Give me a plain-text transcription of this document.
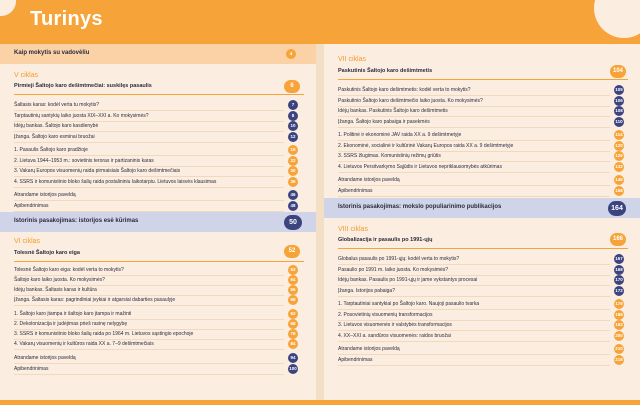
Turinys
Kaip mokytis su vadovėliu	4
V ciklas
Pirmieji Šaltojo karo dešimtmečiai: suskilęs pasaulis	6
Šaltasis karas: kodėl verta tu mokytis?	7
Tarptautinių santykių laiko juosta XIX–XXI a. Ko mokysimės?	8
Idėjų bankas. Šaltojo karo kasdienybė	10
Įžanga. Šaltojo karo esminai bruožai	12
1. Pasaulis Šaltojo karo pradžioje	16
2. Lietuva 1944–1953 m.: sovietinis teroras ir partizaninis karas	22
3. Vakarų Europos visuomenių raida pirmaisiais Šaltojo karo dešimtmečiais	30
4. SSRS ir komunistinio bloko šalių raida postalininiu laikotarpiu. Lietuvos laisvės klausimas	36
Atrandame istorijos paveldą	46
Apibendrinimas	48
Istorinis pasakojimas: istorijos esė kūrimas	50
VI ciklas
Tolesnė Šaltojo karo eiga	52
Tolesnė Šaltojo karo eiga: kodėl verta to mokytis?	53
Šaltojo karo laiko juosta. Ko mokysimės?	54
Idėjų bankas. Šaltasis karas ir kultūra	56
Įžanga. Šaltasis karas: pagrindiniai įvykiai ir atgarsiai dabarties pasaulyje	58
1. Šaltojo karo įtampa ir šaltojo karo įtampa ir mažinti	62
2. Dekolonizacija ir judėjimas prieš rasinę nelygybę	68
3. SSRS ir komunistinio bloko šalių raida po 1964 m. Lietuvos sąstingio epochoje	76
4. Vakarų visuomenių ir kultūros raida XX a. 7–9 dešimtmečiais	84
Atrandame istorijos paveldą	94
Apibendrinimas	100
VII ciklas
Paskutinis Šaltojo karo dešimtmetis	104
Paskutinis Šaltojo karo dešimtmetis: kodėl verta to mokytis?	105
Paskutinio Šaltojo karo dešimtmečio laiko juosta. Ko mokysimės?	106
Idėjų bankas. Paskutinis Šaltojo karo dešimtmetis	108
Įžanga. Šaltojo karo pabaiga ir pasekmės	110
1. Politinė ir ekonominė JAV raida XX a. 9 dešimtmetyje	114
2. Ekonominė, socialinė ir kultūrinė Vakarų Europos raida XX a. 9 dešimtmetyje	120
3. SSRS žlugimas. Komunistinių režimų griūtis	126
4. Lietuvos Persitvarkymo Sąjūdis ir Lietuvos nepriklausomybės atkūrimas	132
Atrandame istorijos paveldą	146
Apibendrinimas	158
Istorinis pasakojimas: mokslo populiarinimo publikacijos	164
VIII ciklas
Globalizacija ir pasaulis po 1991-ųjų	166
Globalus pasaulis po 1991-ųjų: kodėl verta to mokytis?	167
Pasaulio po 1991 m. laiko juosta. Ko mokysimės?	168
Idėjų bankas. Pasaulis po 1991-ųjų ir jame vykstantys procesai	170
Įžanga. Istorijos pabaiga?	172
1. Tarptautiniai santykiai po Šaltojo karo. Naujoji pasaulio tvarka	176
2. Posovietinių visuomenių transformacijos	186
3. Lietuvos visuomenės ir valstybės transformacijos	192
4. XX–XXI a. sandūros visuomenės: raidos bruožai	200
Atrandame istorijos paveldą	210
Apibendrinimas	218
